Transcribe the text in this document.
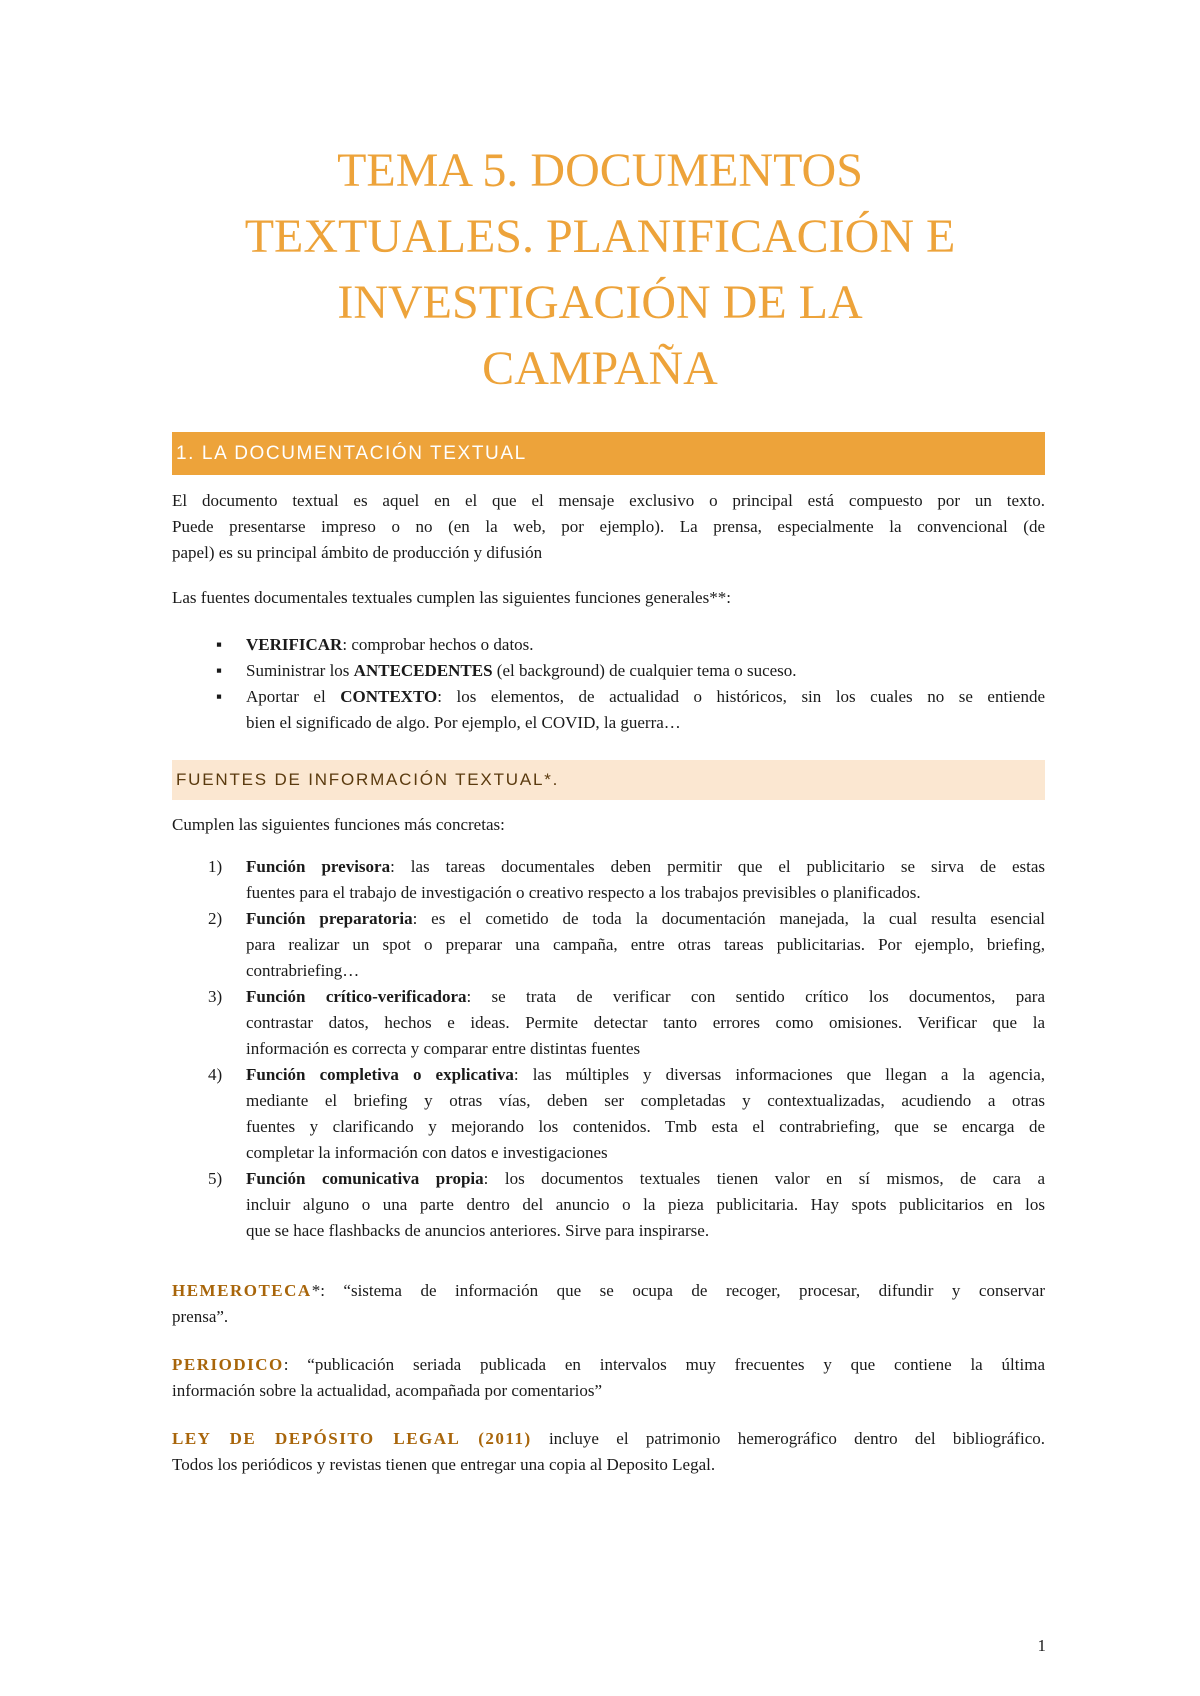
TEMA 5. DOCUMENTOS
TEXTUALES. PLANIFICACIÓN E
INVESTIGACIÓN DE LA
CAMPAÑA
1. LA DOCUMENTACIÓN TEXTUAL

El documento textual es aquel en el que el mensaje exclusivo o principal está compuesto por un texto.
Puede presentarse impreso o no (en la web, por ejemplo). La prensa, especialmente la convencional (de
papel) es su principal ámbito de producción y difusión

Las fuentes documentales textuales cumplen las siguientes funciones generales**:

▪ VERIFICAR: comprobar hechos o datos.
▪ Suministrar los ANTECEDENTES (el background) de cualquier tema o suceso.
▪ Aportar el CONTEXTO: los elementos, de actualidad o históricos, sin los cuales no se entiende
bien el significado de algo. Por ejemplo, el COVID, la guerra…
FUENTES DE INFORMACIÓN TEXTUAL*.

Cumplen las siguientes funciones más concretas:

1) Función previsora: las tareas documentales deben permitir que el publicitario se sirva de estas
fuentes para el trabajo de investigación o creativo respecto a los trabajos previsibles o planificados.
2) Función preparatoria: es el cometido de toda la documentación manejada, la cual resulta esencial
para realizar un spot o preparar una campaña, entre otras tareas publicitarias. Por ejemplo, briefing,
contrabriefing…
3) Función crítico-verificadora: se trata de verificar con sentido crítico los documentos, para
contrastar datos, hechos e ideas. Permite detectar tanto errores como omisiones. Verificar que la
información es correcta y comparar entre distintas fuentes
4) Función completiva o explicativa: las múltiples y diversas informaciones que llegan a la agencia,
mediante el briefing y otras vías, deben ser completadas y contextualizadas, acudiendo a otras
fuentes y clarificando y mejorando los contenidos. Tmb esta el contrabriefing, que se encarga de
completar la información con datos e investigaciones
5) Función comunicativa propia: los documentos textuales tienen valor en sí mismos, de cara a
incluir alguno o una parte dentro del anuncio o la pieza publicitaria. Hay spots publicitarios en los
que se hace flashbacks de anuncios anteriores. Sirve para inspirarse.

HEMEROTECA*: “sistema de información que se ocupa de recoger, procesar, difundir y conservar
prensa”.

PERIODICO: “publicación seriada publicada en intervalos muy frecuentes y que contiene la última
información sobre la actualidad, acompañada por comentarios”

LEY DE DEPÓSITO LEGAL (2011) incluye el patrimonio hemerográfico dentro del bibliográfico.
Todos los periódicos y revistas tienen que entregar una copia al Deposito Legal.

1
